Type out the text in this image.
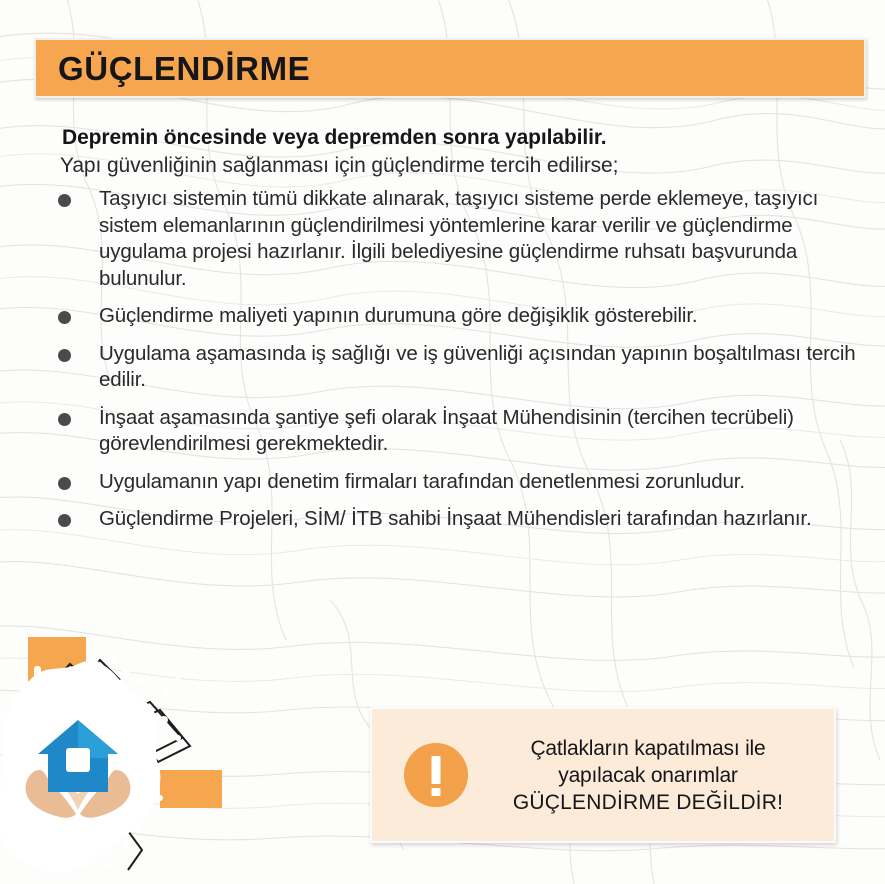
GÜÇLENDİRME

Depremin öncesinde veya depremden sonra yapılabilir.

Yapı güvenliğinin sağlanması için güçlendirme tercih edilirse;

Taşıyıcı sistemin tümü dikkate alınarak, taşıyıcı sisteme perde eklemeye, taşıyıcı sistem elemanlarının güçlendirilmesi yöntemlerine karar verilir ve güçlendirme uygulama projesi hazırlanır. İlgili belediyesine güçlendirme ruhsatı başvurunda bulunulur.
Güçlendirme maliyeti yapının durumuna göre değişiklik gösterebilir.
Uygulama aşamasında iş sağlığı ve iş güvenliği açısından yapının boşaltılması tercih edilir.
İnşaat aşamasında şantiye şefi olarak İnşaat Mühendisinin (tercihen tecrübeli) görevlendirilmesi gerekmektedir.
Uygulamanın yapı denetim firmaları tarafından denetlenmesi zorunludur.
Güçlendirme Projeleri, SİM/ İTB sahibi İnşaat Mühendisleri tarafından hazırlanır.
Çatlakların kapatılması ile
yapılacak onarımlar
GÜÇLENDİRME DEĞİLDİR!
